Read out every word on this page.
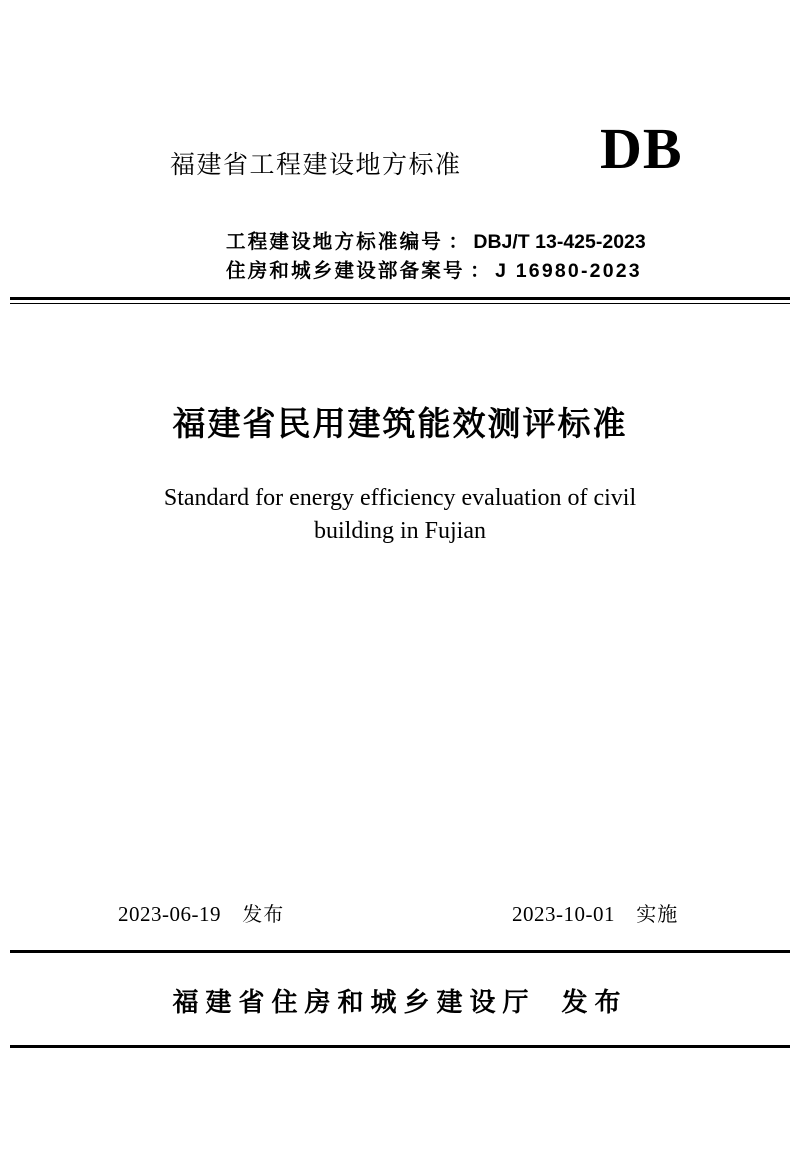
福建省工程建设地方标准 DB
工程建设地方标准编号 ： DBJ/T 13-425-2023
住房和城乡建设部备案号 ： J 16980-2023
福建省民用建筑能效测评标准
Standard for energy efficiency evaluation of civil
building in Fujian
2023-06-19 发布	2023-10-01 实施
福建省住房和城乡建设厅 发布
